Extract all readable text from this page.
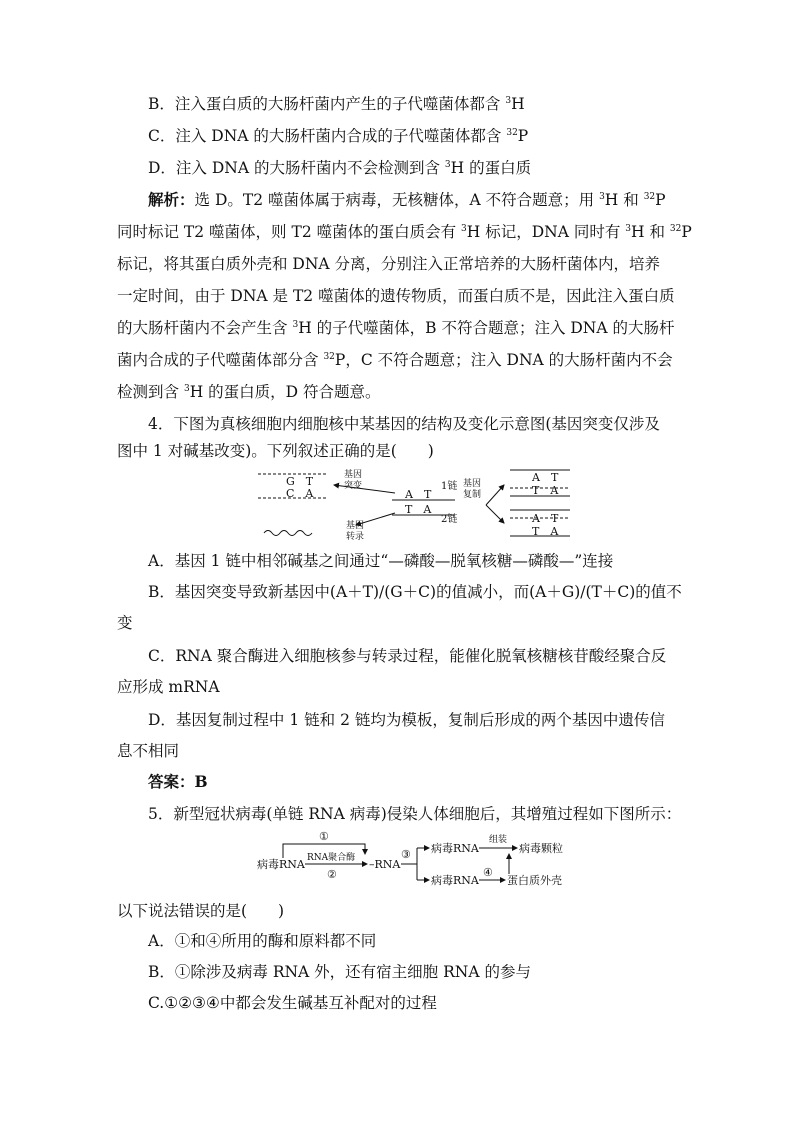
B．注入蛋白质的大肠杆菌内产生的子代噬菌体都含 $^3$H
C．注入 DNA 的大肠杆菌内合成的子代噬菌体都含 $^{32}$P
D．注入 DNA 的大肠杆菌内不会检测到含 $^3$H 的蛋白质
解析：选 D。T2 噬菌体属于病毒，无核糖体，A 不符合题意；用 $^3$H 和 $^{32}$P
同时标记 T2 噬菌体，则 T2 噬菌体的蛋白质会有 $^3$H 标记，DNA 同时有 $^3$H 和 $^{32}$P
标记，将其蛋白质外壳和 DNA 分离，分别注入正常培养的大肠杆菌体内，培养
一定时间，由于 DNA 是 T2 噬菌体的遗传物质，而蛋白质不是，因此注入蛋白质
的大肠杆菌内不会产生含 $^3$H 的子代噬菌体，B 不符合题意；注入 DNA 的大肠杆
菌内合成的子代噬菌体部分含 $^{32}$P，C 不符合题意；注入 DNA 的大肠杆菌内不会
检测到含 $^3$H 的蛋白质，D 符合题意。
4．下图为真核细胞内细胞核中某基因的结构及变化示意图(基因突变仅涉及
图中 1 对碱基改变)。下列叙述正确的是(　　)
G　T
C　A
基因
突变
A　T
T　A
1链
2链
基因
转录
基因
复制
A　T
T　A
A　T
T　A
A．基因 1 链中相邻碱基之间通过“—磷酸—脱氧核糖—磷酸—”连接
B．基因突变导致新基因中(A＋T)/(G＋C)的值减小，而(A＋G)/(T＋C)的值不
变
C．RNA 聚合酶进入细胞核参与转录过程，能催化脱氧核糖核苷酸经聚合反
应形成 mRNA
D．基因复制过程中 1 链和 2 链均为模板，复制后形成的两个基因中遗传信
息不相同
答案：B
5．新型冠状病毒(单链 RNA 病毒)侵染人体细胞后，其增殖过程如下图所示：
病毒RNA
①
RNA聚合酶
②
–RNA
③ 病毒RNA
病毒RNA
组装
病毒颗粒
④
蛋白质外壳
以下说法错误的是(　　)
A．①和④所用的酶和原料都不同
B．①除涉及病毒 RNA 外，还有宿主细胞 RNA 的参与
C.①②③④中都会发生碱基互补配对的过程
